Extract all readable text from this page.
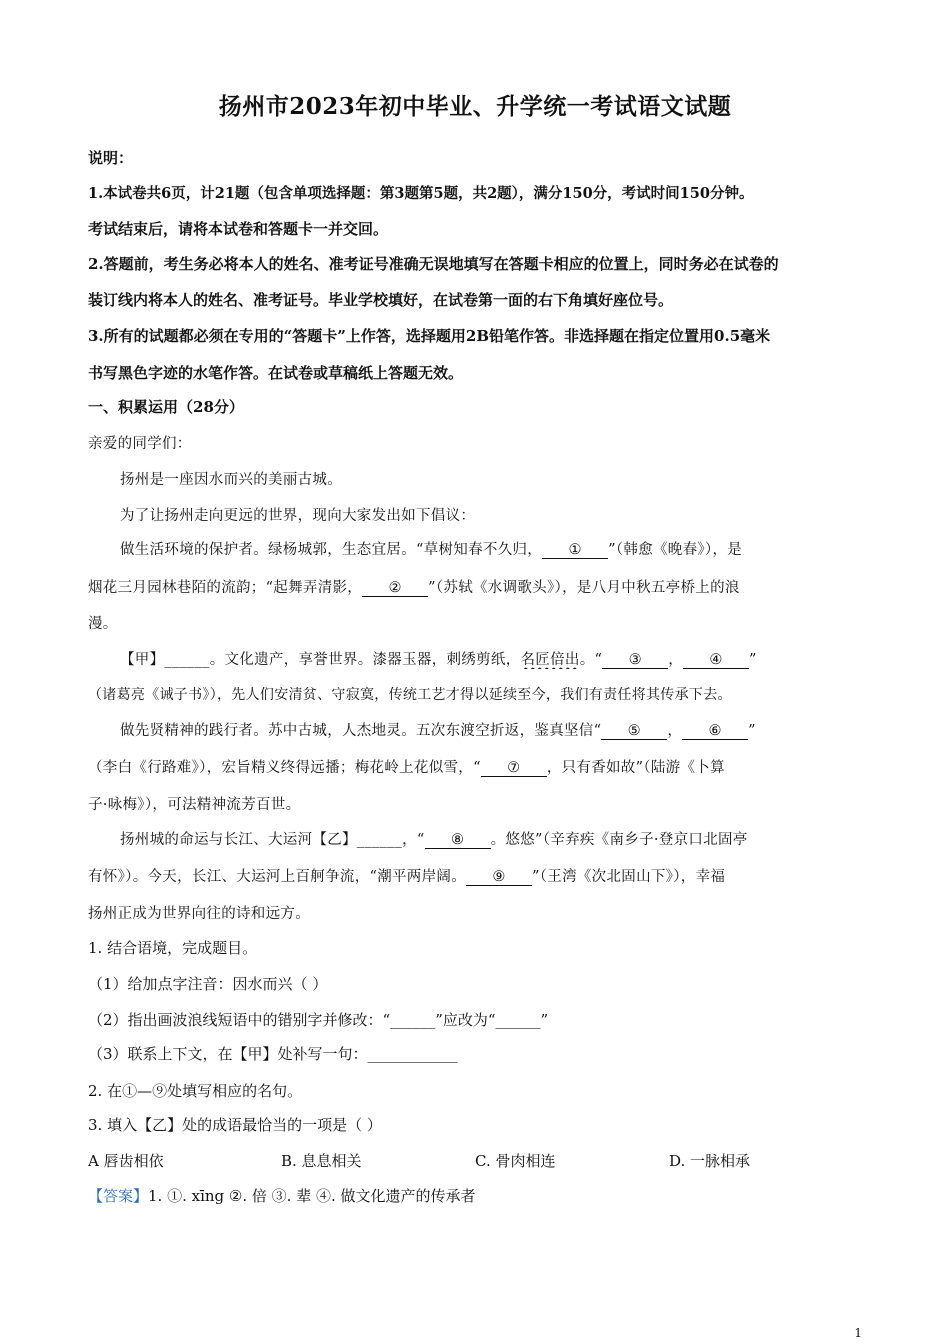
扬州市2023年初中毕业、升学统一考试语文试题
说明：
1.本试卷共6页，计21题（包含单项选择题：第3题第5题，共2题），满分150分，考试时间150分钟。
考试结束后，请将本试卷和答题卡一并交回。
2.答题前，考生务必将本人的姓名、准考证号准确无误地填写在答题卡相应的位置上，同时务必在试卷的
装订线内将本人的姓名、准考证号。毕业学校填好，在试卷第一面的右下角填好座位号。
3.所有的试题都必须在专用的“答题卡”上作答，选择题用2B铅笔作答。非选择题在指定位置用0.5毫米
书写黑色字迹的水笔作答。在试卷或草稿纸上答题无效。
一、积累运用（28分）
亲爱的同学们：
扬州是一座因水而兴的美丽古城。
为了让扬州走向更远的世界，现向大家发出如下倡议：
做生活环境的保护者。绿杨城郭，生态宜居。“草树知春不久归， ① ”（韩愈《晚春》），是
烟花三月园林巷陌的流韵；“起舞弄清影， ② ”（苏轼《水调歌头》），是八月中秋五亭桥上的浪
漫。
【甲】______。文化遗产，享誉世界。漆器玉器，刺绣剪纸，名匠倍出。“ ③ ， ④ ”
（诸葛亮《诫子书》），先人们安清贫、守寂寞，传统工艺才得以延续至今，我们有责任将其传承下去。
做先贤精神的践行者。苏中古城，人杰地灵。五次东渡空折返，鉴真坚信“ ⑤ ， ⑥ ”
（李白《行路难》），宏旨精义终得远播；梅花岭上花似雪，“ ⑦ ，只有香如故”（陆游《卜算
子·咏梅》），可法精神流芳百世。
扬州城的命运与长江、大运河【乙】______，“ ⑧ 。悠悠”（辛弃疾《南乡子·登京口北固亭
有怀》）。今天，长江、大运河上百舸争流，“潮平两岸阔。 ⑨ ”（王湾《次北固山下》），幸福
扬州正成为世界向往的诗和远方。
1. 结合语境，完成题目。
（1）给加点字注音：因水而兴（ ）
（2）指出画波浪线短语中的错别字并修改：“______”应改为“______”
（3）联系上下文，在【甲】处补写一句：____________
2. 在①—⑨处填写相应的名句。
3. 填入【乙】处的成语最恰当的一项是（ ）
A 唇齿相依	B. 息息相关	C. 骨肉相连	D. 一脉相承
【答案】1. ①. xīng ②. 倍 ③. 辈 ④. 做文化遗产的传承者
1
